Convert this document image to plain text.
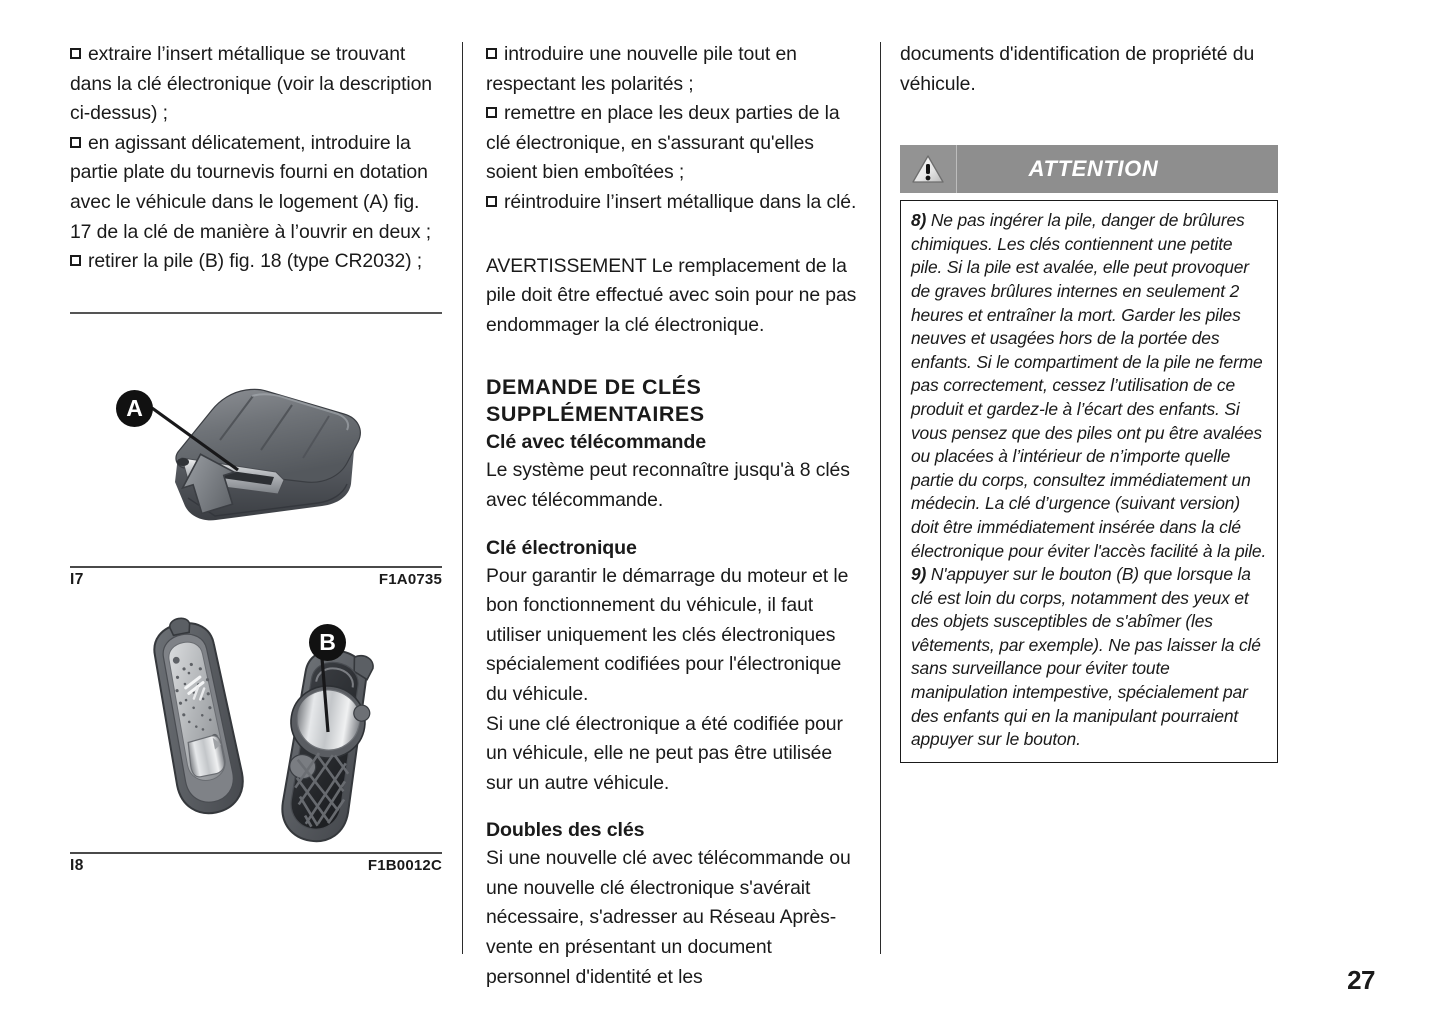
extraire l’insert métallique se trouvant dans la clé électronique (voir la description ci-dessus) ;

en agissant délicatement, introduire la partie plate du tournevis fourni en dotation avec le véhicule dans le logement (A) fig. 17 de la clé de manière à l’ouvrir en deux ;

retirer la pile (B) fig. 18 (type CR2032) ;

A
I7	F1A0735
B
I8	F1B0012C

introduire une nouvelle pile tout en respectant les polarités ;

remettre en place les deux parties de la clé électronique, en s'assurant qu'elles soient bien emboîtées ;

réintroduire l’insert métallique dans la clé.

AVERTISSEMENT Le remplacement de la pile doit être effectué avec soin pour ne pas endommager la clé électronique.
DEMANDE DE CLÉS
SUPPLÉMENTAIRES
Clé avec télécommande
Le système peut reconnaître jusqu'à 8 clés avec télécommande.
Clé électronique
Pour garantir le démarrage du moteur et le bon fonctionnement du véhicule, il faut utiliser uniquement les clés électroniques spécialement codifiées pour l'électronique du véhicule.
Si une clé électronique a été codifiée pour un véhicule, elle ne peut pas être utilisée sur un autre véhicule.
Doubles des clés
Si une nouvelle clé avec télécommande ou une nouvelle clé électronique s'avérait nécessaire, s'adresser au Réseau Après-vente en présentant un document personnel d'identité et les
documents d'identification de propriété du véhicule.
ATTENTION
8) Ne pas ingérer la pile, danger de brûlures chimiques. Les clés contiennent une petite pile. Si la pile est avalée, elle peut provoquer de graves brûlures internes en seulement 2 heures et entraîner la mort. Garder les piles neuves et usagées hors de la portée des enfants. Si le compartiment de la pile ne ferme pas correctement, cessez l’utilisation de ce produit et gardez-le à l’écart des enfants. Si vous pensez que des piles ont pu être avalées ou placées à l’intérieur de n’importe quelle partie du corps, consultez immédiatement un médecin. La clé d’urgence (suivant version) doit être immédiatement insérée dans la clé électronique pour éviter l'accès facilité à la pile.
9) N'appuyer sur le bouton (B) que lorsque la clé est loin du corps, notamment des yeux et des objets susceptibles de s'abîmer (les vêtements, par exemple). Ne pas laisser la clé sans surveillance pour éviter toute manipulation intempestive, spécialement par des enfants qui en la manipulant pourraient appuyer sur le bouton.
27
